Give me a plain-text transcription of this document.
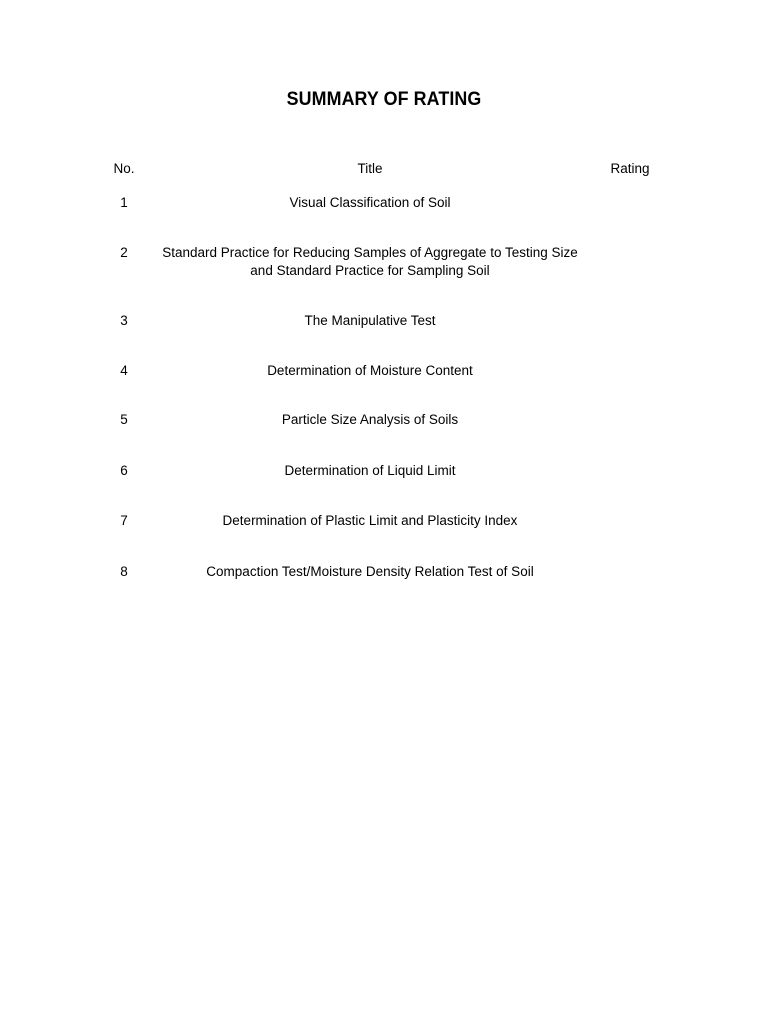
SUMMARY OF RATING
No.	Title	Rating
1	Visual Classification of Soil
2	Standard Practice for Reducing Samples of Aggregate to Testing Size
and Standard Practice for Sampling Soil
3	The Manipulative Test
4	Determination of Moisture Content
5	Particle Size Analysis of Soils
6	Determination of Liquid Limit
7	Determination of Plastic Limit and Plasticity Index
8	Compaction Test/Moisture Density Relation Test of Soil
